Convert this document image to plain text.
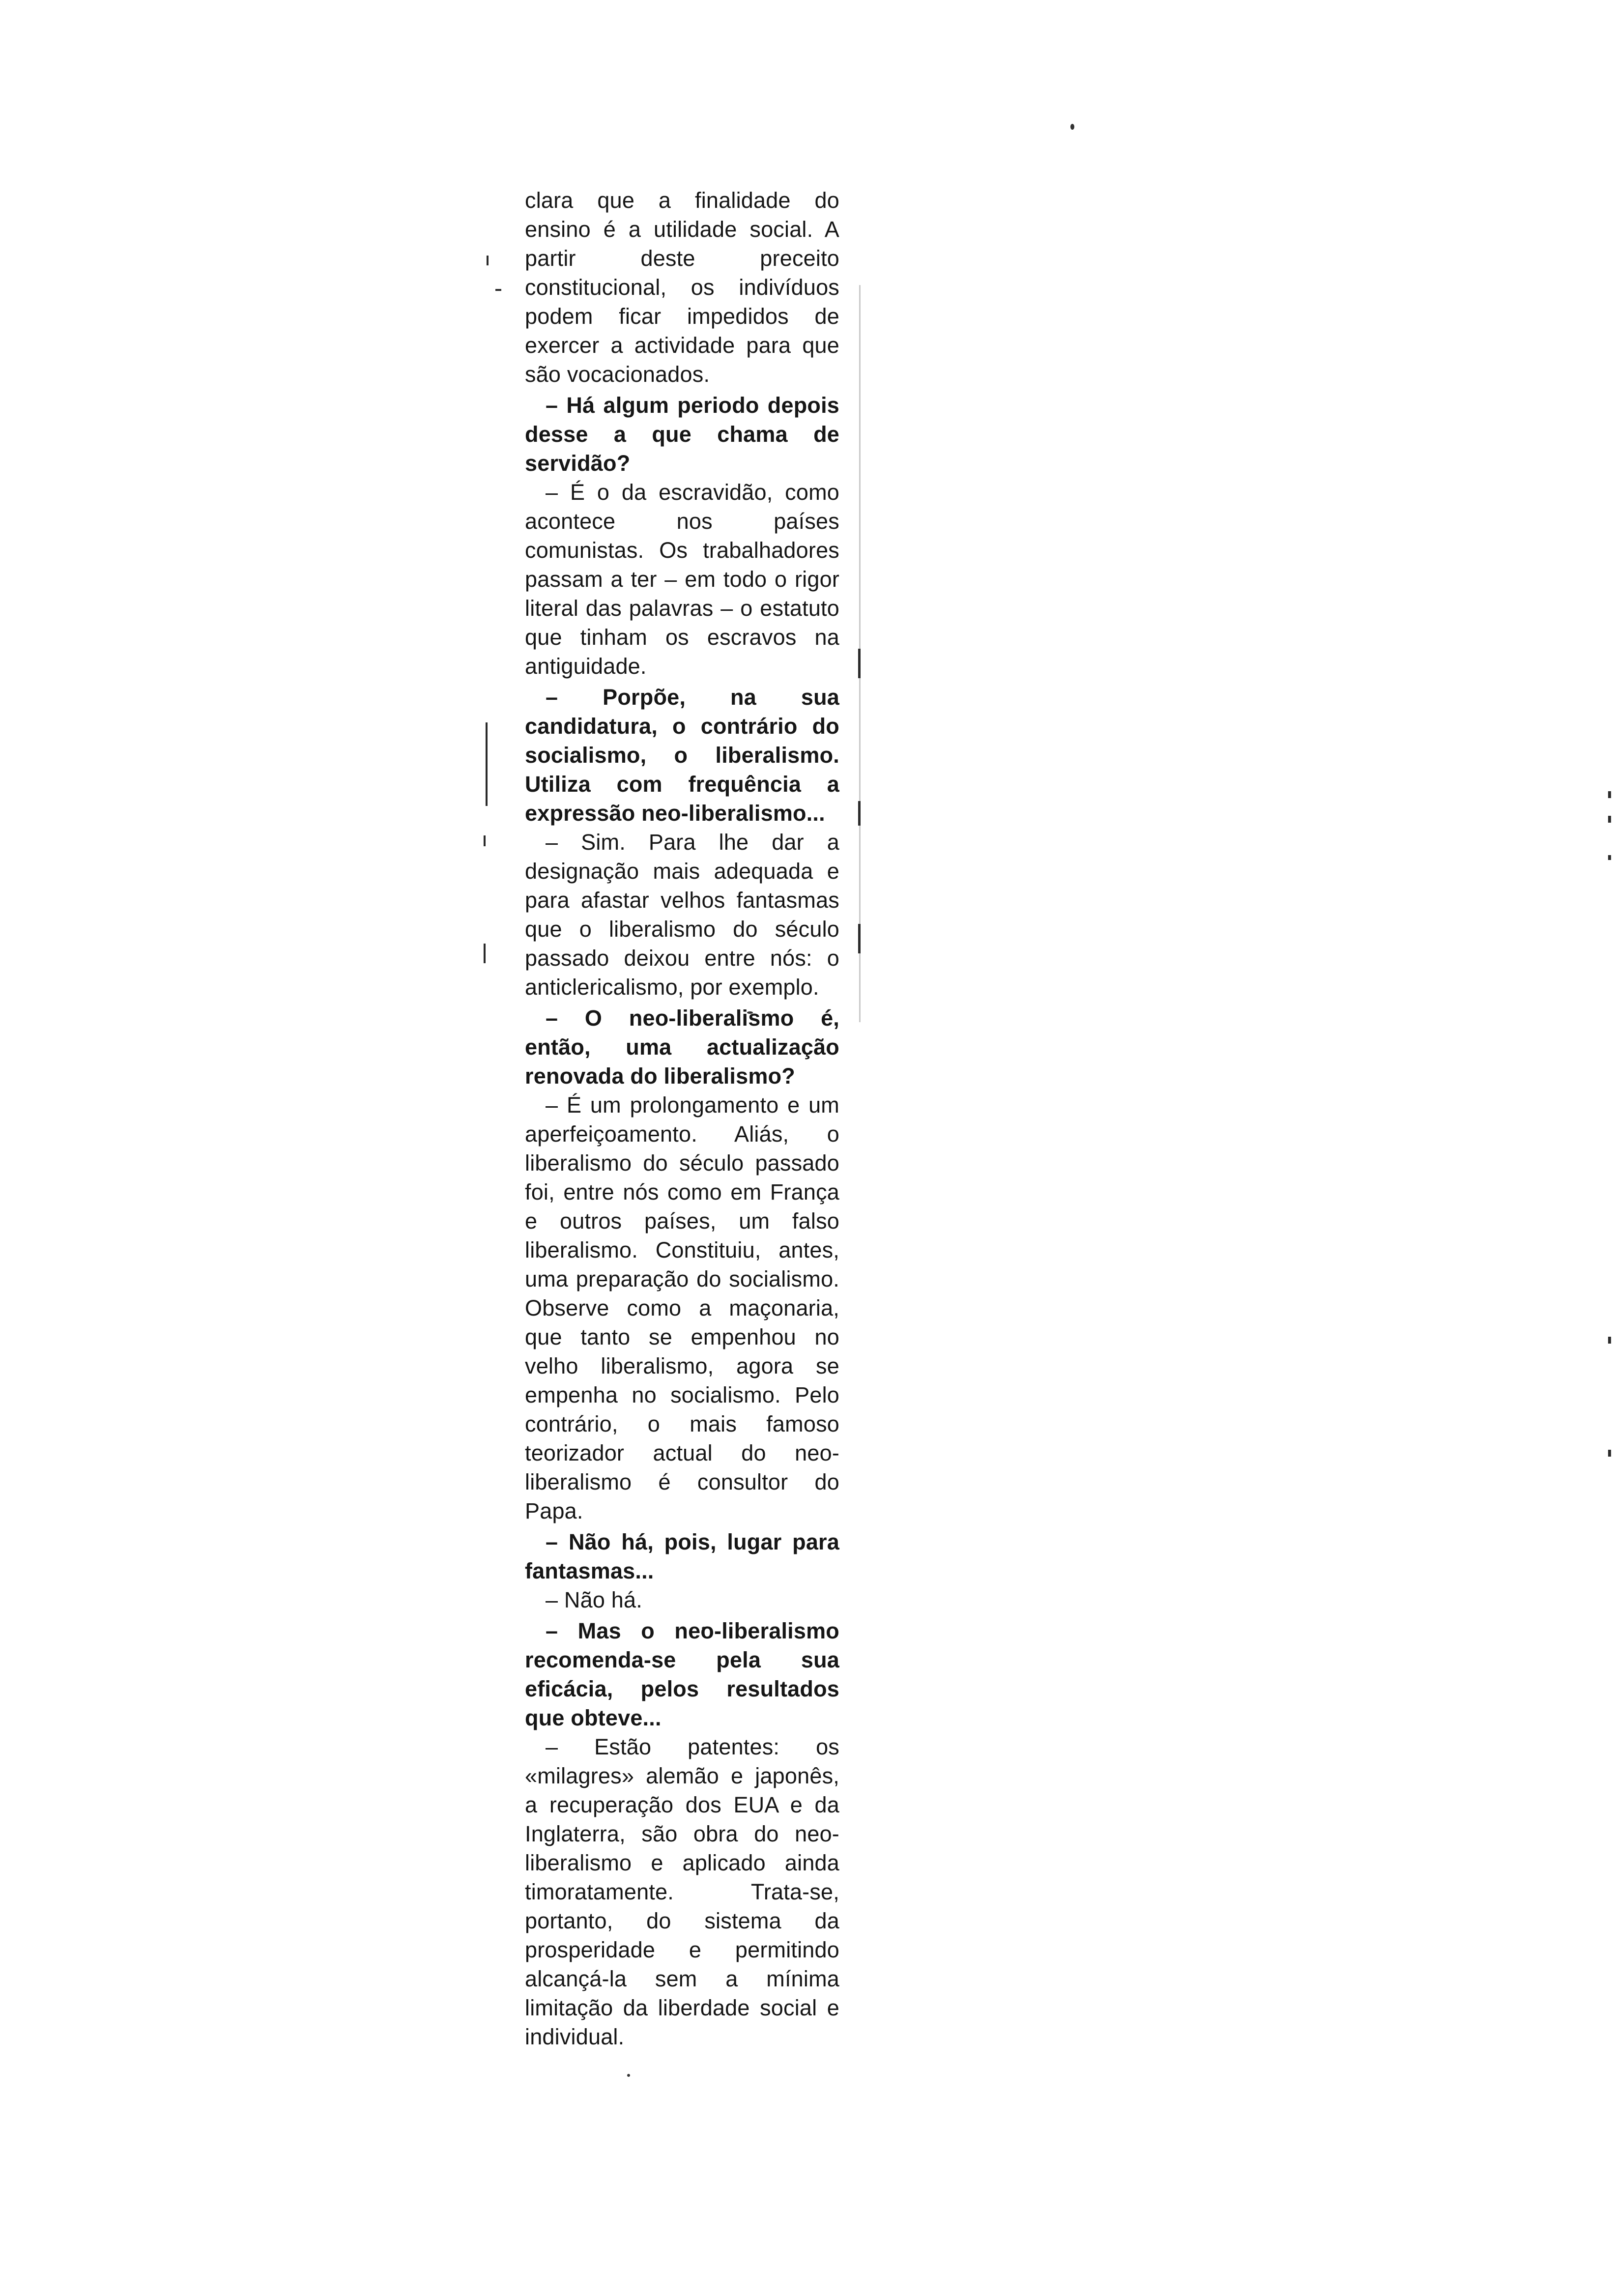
clara que a finalidade do ensino é a utilidade social. A partir deste preceito constitucional, os indivíduos podem ficar impedidos de exercer a actividade para que são vocacionados.

– Há algum periodo depois desse a que chama de servidão?

– É o da escravidão, como acontece nos países comunistas. Os trabalhadores passam a ter – em todo o rigor literal das palavras – o estatuto que tinham os escravos na antiguidade.

– Porpõe, na sua candidatura, o contrário do socialismo, o liberalismo. Utiliza com frequência a expressão neo-liberalismo...

– Sim. Para lhe dar a designação mais adequada e para afastar velhos fantasmas que o liberalismo do século passado deixou entre nós: o anticlericalismo, por exemplo.

– O neo-liberalismo é, então, uma actualização renovada do liberalismo?

– É um prolongamento e um aperfeiçoamento. Aliás, o liberalismo do século passado foi, entre nós como em França e outros países, um falso liberalismo. Constituiu, antes, uma preparação do socialismo. Observe como a maçonaria, que tanto se empenhou no velho liberalismo, agora se empenha no socialismo. Pelo contrário, o mais famoso teorizador actual do neo-liberalismo é consultor do Papa.

– Não há, pois, lugar para fantasmas...

– Não há.

– Mas o neo-liberalismo recomenda-se pela sua eficácia, pelos resultados que obteve...

– Estão patentes: os «milagres» alemão e japonês, a recuperação dos EUA e da Inglaterra, são obra do neo-liberalismo e aplicado ainda timoratamente. Trata-se, portanto, do sistema da prosperidade e permitindo alcançá-la sem a mínima limitação da liberdade social e individual.
